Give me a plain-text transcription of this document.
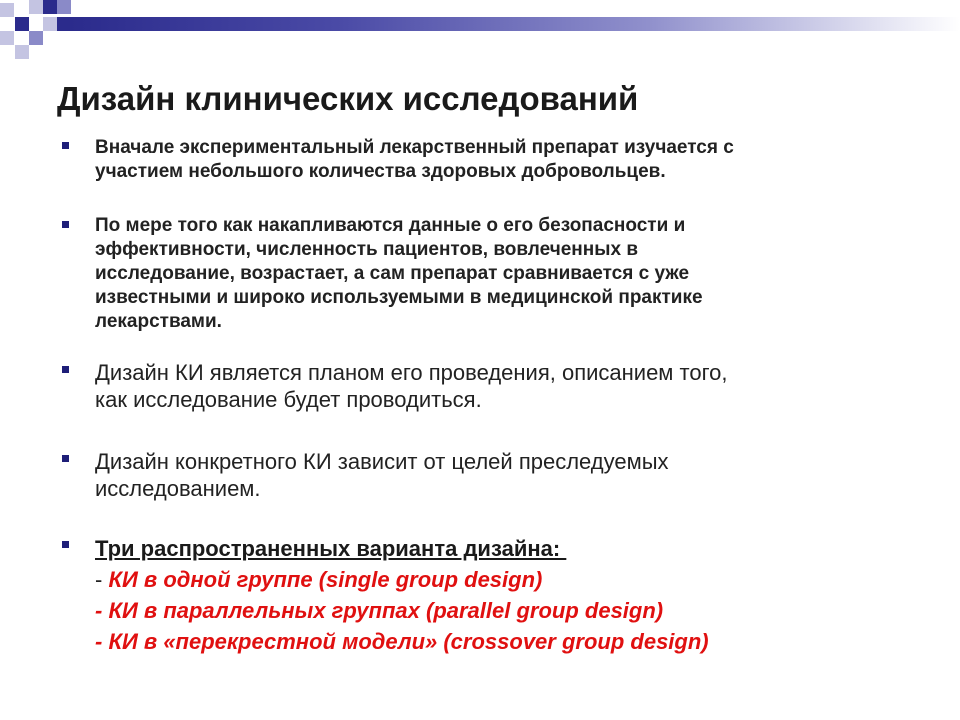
Дизайн клинических исследований

Вначале экспериментальный лекарственный препарат изучается с
участием небольшого количества здоровых добровольцев.

По мере того как накапливаются данные о его безопасности и
эффективности, численность пациентов, вовлеченных в
исследование, возрастает, а сам препарат сравнивается с уже
известными и широко используемыми в медицинской практике
лекарствами.

Дизайн КИ является планом его проведения, описанием того,
как исследование будет проводиться.

Дизайн конкретного КИ зависит от целей преследуемых
исследованием.

Три распространенных варианта дизайна:

- КИ в одной группе (single group design)

- КИ в параллельных группах (parallel group design)

- КИ в «перекрестной модели» (crossover group design)
